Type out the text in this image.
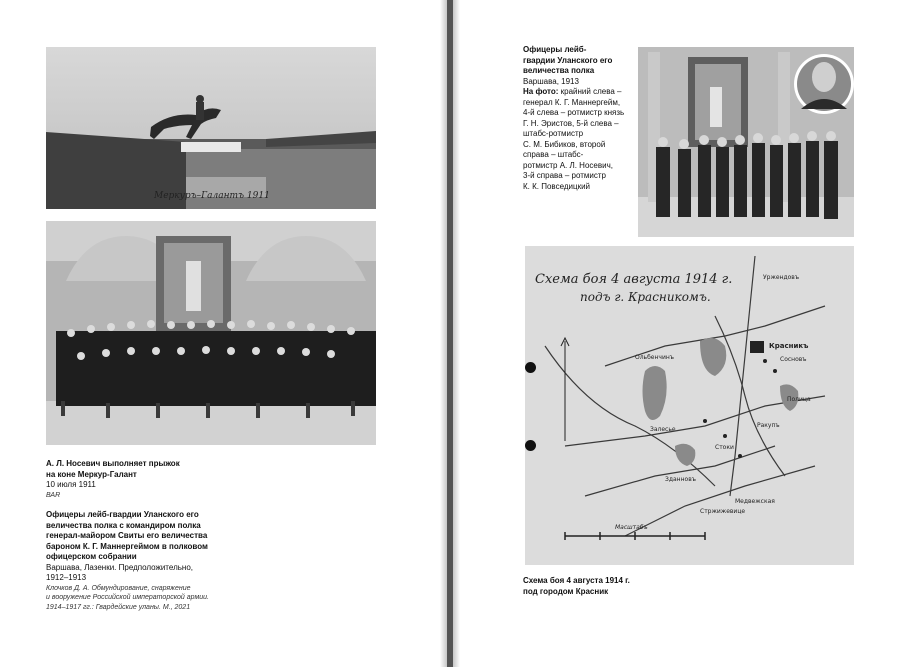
Меркуръ–Галантъ 1911

А. Л. Носевич выполняет прыжок

на коне Меркур-Галант

10 июля 1911

ВАR

Офицеры лейб-гвардии Уланского его

величества полка с командиром полка

генерал-майором Свиты его величества

бароном К. Г. Маннергеймом в полковом

офицерском собрании

Варшава, Лазенки. Предположительно,

1912–1913

Клочков Д. А. Обмундирование, снаряжение

и вооружение Российской императорской армии.

1914–1917 гг.: Гвардейские уланы. М., 2021

Офицеры лейб-

гвардии Уланского его

величества полка

Варшава, 1913

На фото: крайний слева –

генерал К. Г. Маннергейм,

4-й слева – ротмистр князь

Г. Н. Эристов, 5-й слева –

штабс-ротмистр

С. М. Бибиков, второй

справа – штабс-

ротмистр А. Л. Носевич,

3-й справа – ротмистр

К. К. Повседицкий

Схема боя 4 августа 1914 г.
подъ г. Красникомъ.
Уржендовъ
Красникъ
Ольбенчинъ
Залесье
Стоки
Сосновъ
Полица
Ракупъ
Зданновъ
Стржижевице
Медвежская
Масштабъ

Схема боя 4 августа 1914 г.

под городом Красник
